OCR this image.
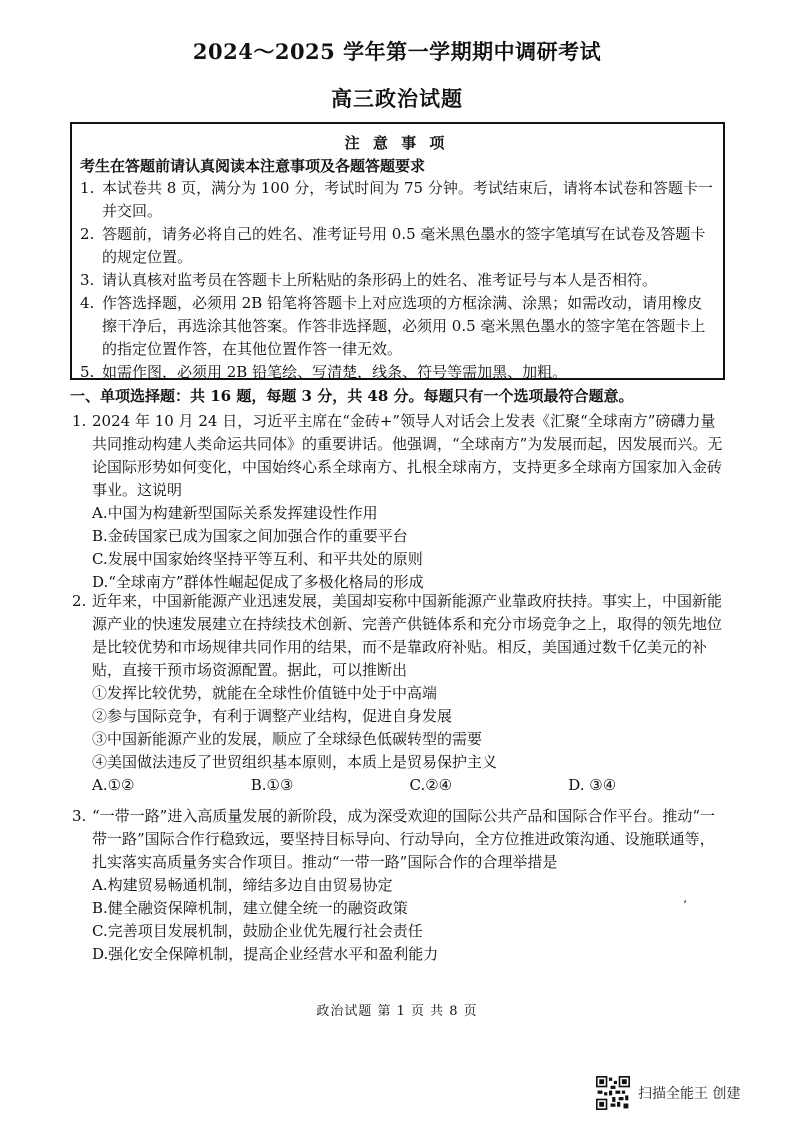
2024～2025 学年第一学期期中调研考试
高三政治试题
注 意 事 项
考生在答题前请认真阅读本注意事项及各题答题要求
1. 本试卷共 8 页，满分为 100 分，考试时间为 75 分钟。考试结束后，请将本试卷和答题卡一并交回。
2. 答题前，请务必将自己的姓名、准考证号用 0.5 毫米黑色墨水的签字笔填写在试卷及答题卡的规定位置。
3. 请认真核对监考员在答题卡上所粘贴的条形码上的姓名、准考证号与本人是否相符。
4. 作答选择题，必须用 2B 铅笔将答题卡上对应选项的方框涂满、涂黑；如需改动，请用橡皮擦干净后，再选涂其他答案。作答非选择题，必须用 0.5 毫米黑色墨水的签字笔在答题卡上的指定位置作答，在其他位置作答一律无效。
5. 如需作图，必须用 2B 铅笔绘、写清楚，线条、符号等需加黑、加粗。
一、单项选择题：共 16 题，每题 3 分，共 48 分。每题只有一个选项最符合题意。
1. 2024 年 10 月 24 日，习近平主席在“金砖+”领导人对话会上发表《汇聚“全球南方”磅礴力量 共同推动构建人类命运共同体》的重要讲话。他强调，“全球南方”为发展而起，因发展而兴。无论国际形势如何变化，中国始终心系全球南方、扎根全球南方，支持更多全球南方国家加入金砖事业。这说明
A.中国为构建新型国际关系发挥建设性作用
B.金砖国家已成为国家之间加强合作的重要平台
C.发展中国家始终坚持平等互利、和平共处的原则
D.“全球南方”群体性崛起促成了多极化格局的形成
2. 近年来，中国新能源产业迅速发展，美国却妄称中国新能源产业靠政府扶持。事实上，中国新能源产业的快速发展建立在持续技术创新、完善产供链体系和充分市场竞争之上，取得的领先地位是比较优势和市场规律共同作用的结果，而不是靠政府补贴。相反，美国通过数千亿美元的补贴，直接干预市场资源配置。据此，可以推断出
①发挥比较优势，就能在全球性价值链中处于中高端
②参与国际竞争，有利于调整产业结构，促进自身发展
③中国新能源产业的发展，顺应了全球绿色低碳转型的需要
④美国做法违反了世贸组织基本原则，本质上是贸易保护主义
A.①②	B.①③	C.②④	D. ③④
3. “一带一路”进入高质量发展的新阶段，成为深受欢迎的国际公共产品和国际合作平台。推动“一带一路”国际合作行稳致远，要坚持目标导向、行动导向，全方位推进政策沟通、设施联通等，扎实落实高质量务实合作项目。推动“一带一路”国际合作的合理举措是
A.构建贸易畅通机制，缔结多边自由贸易协定
B.健全融资保障机制，建立健全统一的融资政策
C.完善项目发展机制，鼓励企业优先履行社会责任
D.强化安全保障机制，提高企业经营水平和盈利能力
‘
政治试题 第 1 页 共 8 页
扫描全能王 创建
